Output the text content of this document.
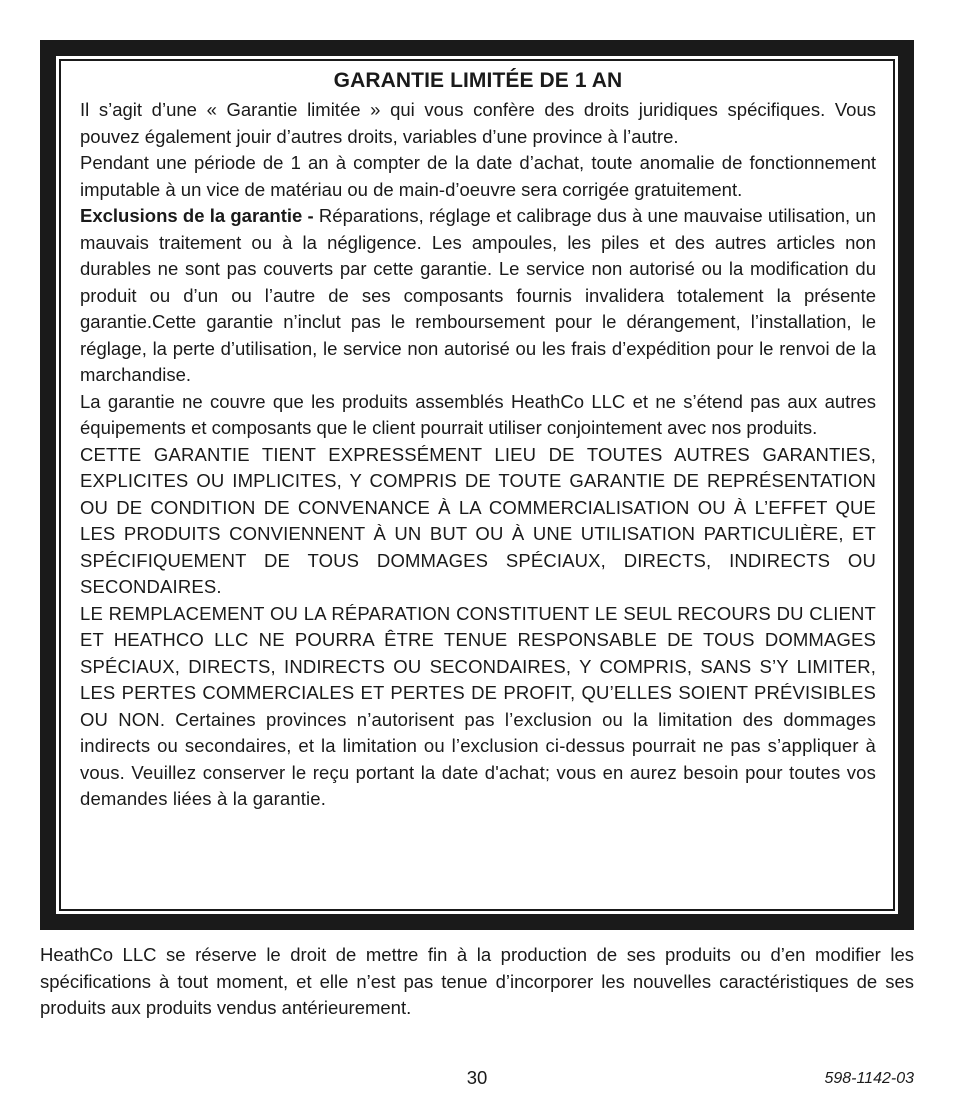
GARANTIE LIMITÉE DE 1 AN

Il s’agit d’une « Garantie limitée » qui vous confère des droits juridiques spécifiques. Vous pouvez également jouir d’autres droits, variables d’une province à l’autre.

Pendant une période de 1 an à compter de la date d’achat, toute anomalie de fonctionnement imputable à un vice de matériau ou de main-d’oeuvre sera corrigée gratuitement.

Exclusions de la garantie - Réparations, réglage et calibrage dus à une mauvaise utilisation, un mauvais traitement ou à la négligence. Les ampoules, les piles et des autres articles non durables ne sont pas couverts par cette garantie. Le service non autorisé ou la modification du produit ou d’un ou l’autre de ses composants fournis invalidera totalement la présente garantie.Cette garantie n’inclut pas le remboursement pour le dérangement, l’installation, le réglage, la perte d’utilisation, le service non autorisé ou les frais d’expédition pour le renvoi de la marchandise.

La garantie ne couvre que les produits assemblés HeathCo LLC et ne s’étend pas aux autres équipements et composants que le client pourrait utiliser conjointement avec nos produits.

CETTE GARANTIE TIENT EXPRESSÉMENT LIEU DE TOUTES AUTRES GARANTIES, EXPLICITES OU IMPLICITES, Y COMPRIS DE TOUTE GARANTIE DE REPRÉSENTATION OU DE CONDITION DE CONVENANCE À LA COMMERCIALISATION OU À L’EFFET QUE LES PRODUITS CONVIENNENT À UN BUT OU À UNE UTILISATION PARTICULIÈRE, ET SPÉCIFIQUEMENT DE TOUS DOMMAGES SPÉCIAUX, DIRECTS, INDIRECTS OU SECONDAIRES.

LE REMPLACEMENT OU LA RÉPARATION CONSTITUENT LE SEUL RECOURS DU CLIENT ET HEATHCO LLC NE POURRA ÊTRE TENUE RESPONSABLE DE TOUS DOMMAGES SPÉCIAUX, DIRECTS, INDIRECTS OU SECONDAIRES, Y COMPRIS, SANS S’Y LIMITER, LES PERTES COMMERCIALES ET PERTES DE PROFIT, QU’ELLES SOIENT PRÉVISIBLES OU NON. Certaines provinces n’autorisent pas l’exclusion ou la limitation des dommages indirects ou secondaires, et la limitation ou l’exclusion ci-dessus pourrait ne pas s’appliquer à vous. Veuillez conserver le reçu portant la date d'achat; vous en aurez besoin pour toutes vos demandes liées à la garantie.

HeathCo LLC se réserve le droit de mettre fin à la production de ses produits ou d’en modifier les spécifications à tout moment, et elle n’est pas tenue d’incorporer les nouvelles caractéristiques de ses produits aux produits vendus antérieurement.

30	598-1142-03
